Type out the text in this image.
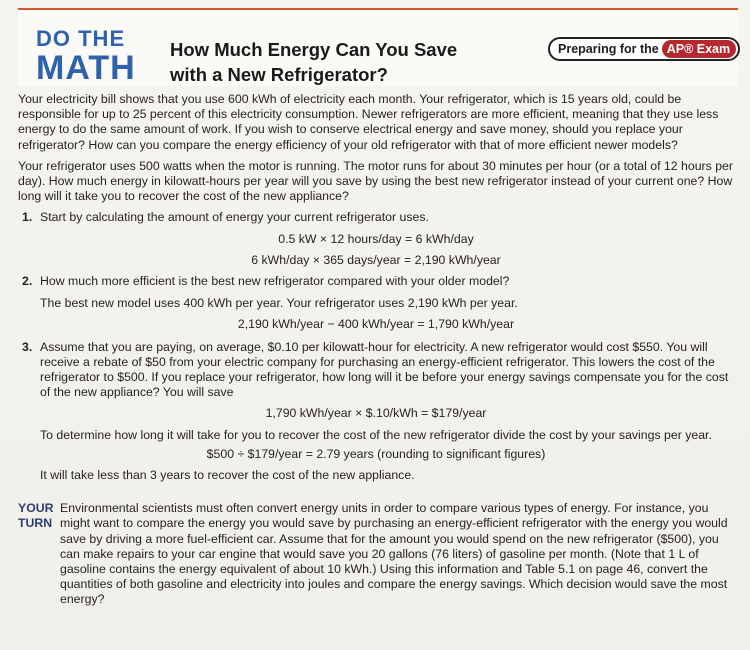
DO THE
MATH	How Much Energy Can You Save
with a New Refrigerator?
Preparing for the AP® Exam

Your electricity bill shows that you use 600 kWh of electricity each month. Your refrigerator, which is 15 years old, could be responsible for up to 25 percent of this electricity consumption. Newer refrigerators are more efficient, meaning that they use less energy to do the same amount of work. If you wish to conserve electrical energy and save money, should you replace your refrigerator? How can you compare the energy efficiency of your old refrigerator with that of more efficient newer models?

Your refrigerator uses 500 watts when the motor is running. The motor runs for about 30 minutes per hour (or a total of 12 hours per day). How much energy in kilowatt-hours per year will you save by using the best new refrigerator instead of your current one? How long will it take you to recover the cost of the new appliance?

1. Start by calculating the amount of energy your current refrigerator uses.
0.5 kW × 12 hours/day = 6 kWh/day
6 kWh/day × 365 days/year = 2,190 kWh/year
2. How much more efficient is the best new refrigerator compared with your older model?
The best new model uses 400 kWh per year. Your refrigerator uses 2,190 kWh per year.
2,190 kWh/year − 400 kWh/year = 1,790 kWh/year
3. Assume that you are paying, on average, $0.10 per kilowatt-hour for electricity. A new refrigerator would cost $550. You will receive a rebate of $50 from your electric company for purchasing an energy-efficient refrigerator. This lowers the cost of the refrigerator to $500. If you replace your refrigerator, how long will it be before your energy savings compensate you for the cost of the new appliance? You will save
1,790 kWh/year × $.10/kWh = $179/year
To determine how long it will take for you to recover the cost of the new refrigerator divide the cost by your savings per year.
$500 ÷ $179/year = 2.79 years (rounding to significant figures)
It will take less than 3 years to recover the cost of the new appliance.
YOUR
TURN
Environmental scientists must often convert energy units in order to compare various types of energy. For instance, you might want to compare the energy you would save by purchasing an energy-efficient refrigerator with the energy you would save by driving a more fuel-efficient car. Assume that for the amount you would spend on the new refrigerator ($500), you can make repairs to your car engine that would save you 20 gallons (76 liters) of gasoline per month. (Note that 1 L of gasoline contains the energy equivalent of about 10 kWh.) Using this information and Table 5.1 on page 46, convert the quantities of both gasoline and electricity into joules and compare the energy savings. Which decision would save the most energy?
